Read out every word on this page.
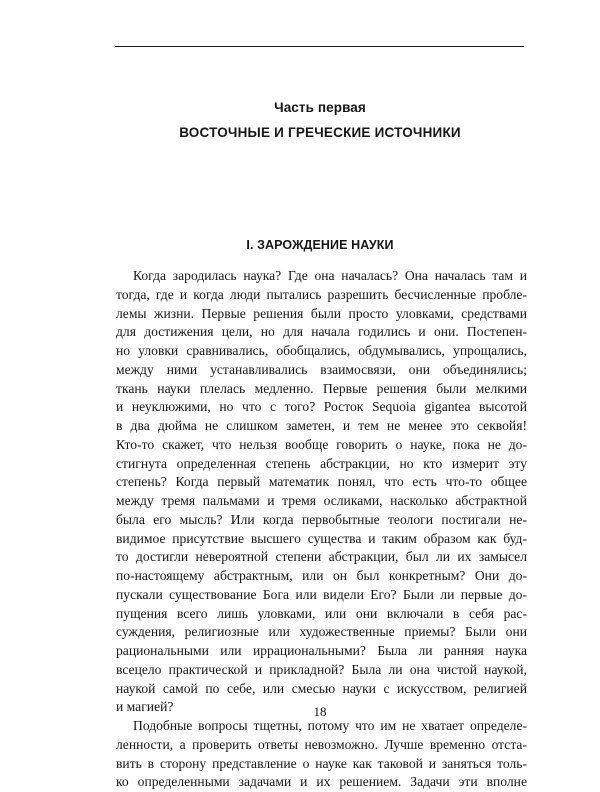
Часть первая
ВОСТОЧНЫЕ И ГРЕЧЕСКИЕ ИСТОЧНИКИ
I. ЗАРОЖДЕНИЕ НАУКИ
Когда зародилась наука? Где она началась? Она началась там и
тогда, где и когда люди пытались разрешить бесчисленные пробле-
лемы жизни. Первые решения были просто уловками, средствами
для достижения цели, но для начала годились и они. Постепен-
но уловки сравнивались, обобщались, обдумывались, упрощались,
между ними устанавливались взаимосвязи, они объединялись;
ткань науки плелась медленно. Первые решения были мелкими
и неуклюжими, но что с того? Росток Sequoia gigantea высотой
в два дюйма не слишком заметен, и тем не менее это секвойя!
Кто-то скажет, что нельзя вообще говорить о науке, пока не до-
стигнута определенная степень абстракции, но кто измерит эту
степень? Когда первый математик понял, что есть что-то общее
между тремя пальмами и тремя осликами, насколько абстрактной
была его мысль? Или когда первобытные теологи постигали не-
видимое присутствие высшего существа и таким образом как буд-
то достигли невероятной степени абстракции, был ли их замысел
по-настоящему абстрактным, или он был конкретным? Они до-
пускали существование Бога или видели Его? Были ли первые до-
пущения всего лишь уловками, или они включали в себя рас-
суждения, религиозные или художественные приемы? Были они
рациональными или иррациональными? Была ли ранняя наука
всецело практической и прикладной? Была ли она чистой наукой,
наукой самой по себе, или смесью науки с искусством, религией
и магией?
Подобные вопросы тщетны, потому что им не хватает определе-
ленности, а проверить ответы невозможно. Лучше временно отста-
вить в сторону представление о науке как таковой и заняться толь-
ко определенными задачами и их решением. Задачи эти вполне
18
